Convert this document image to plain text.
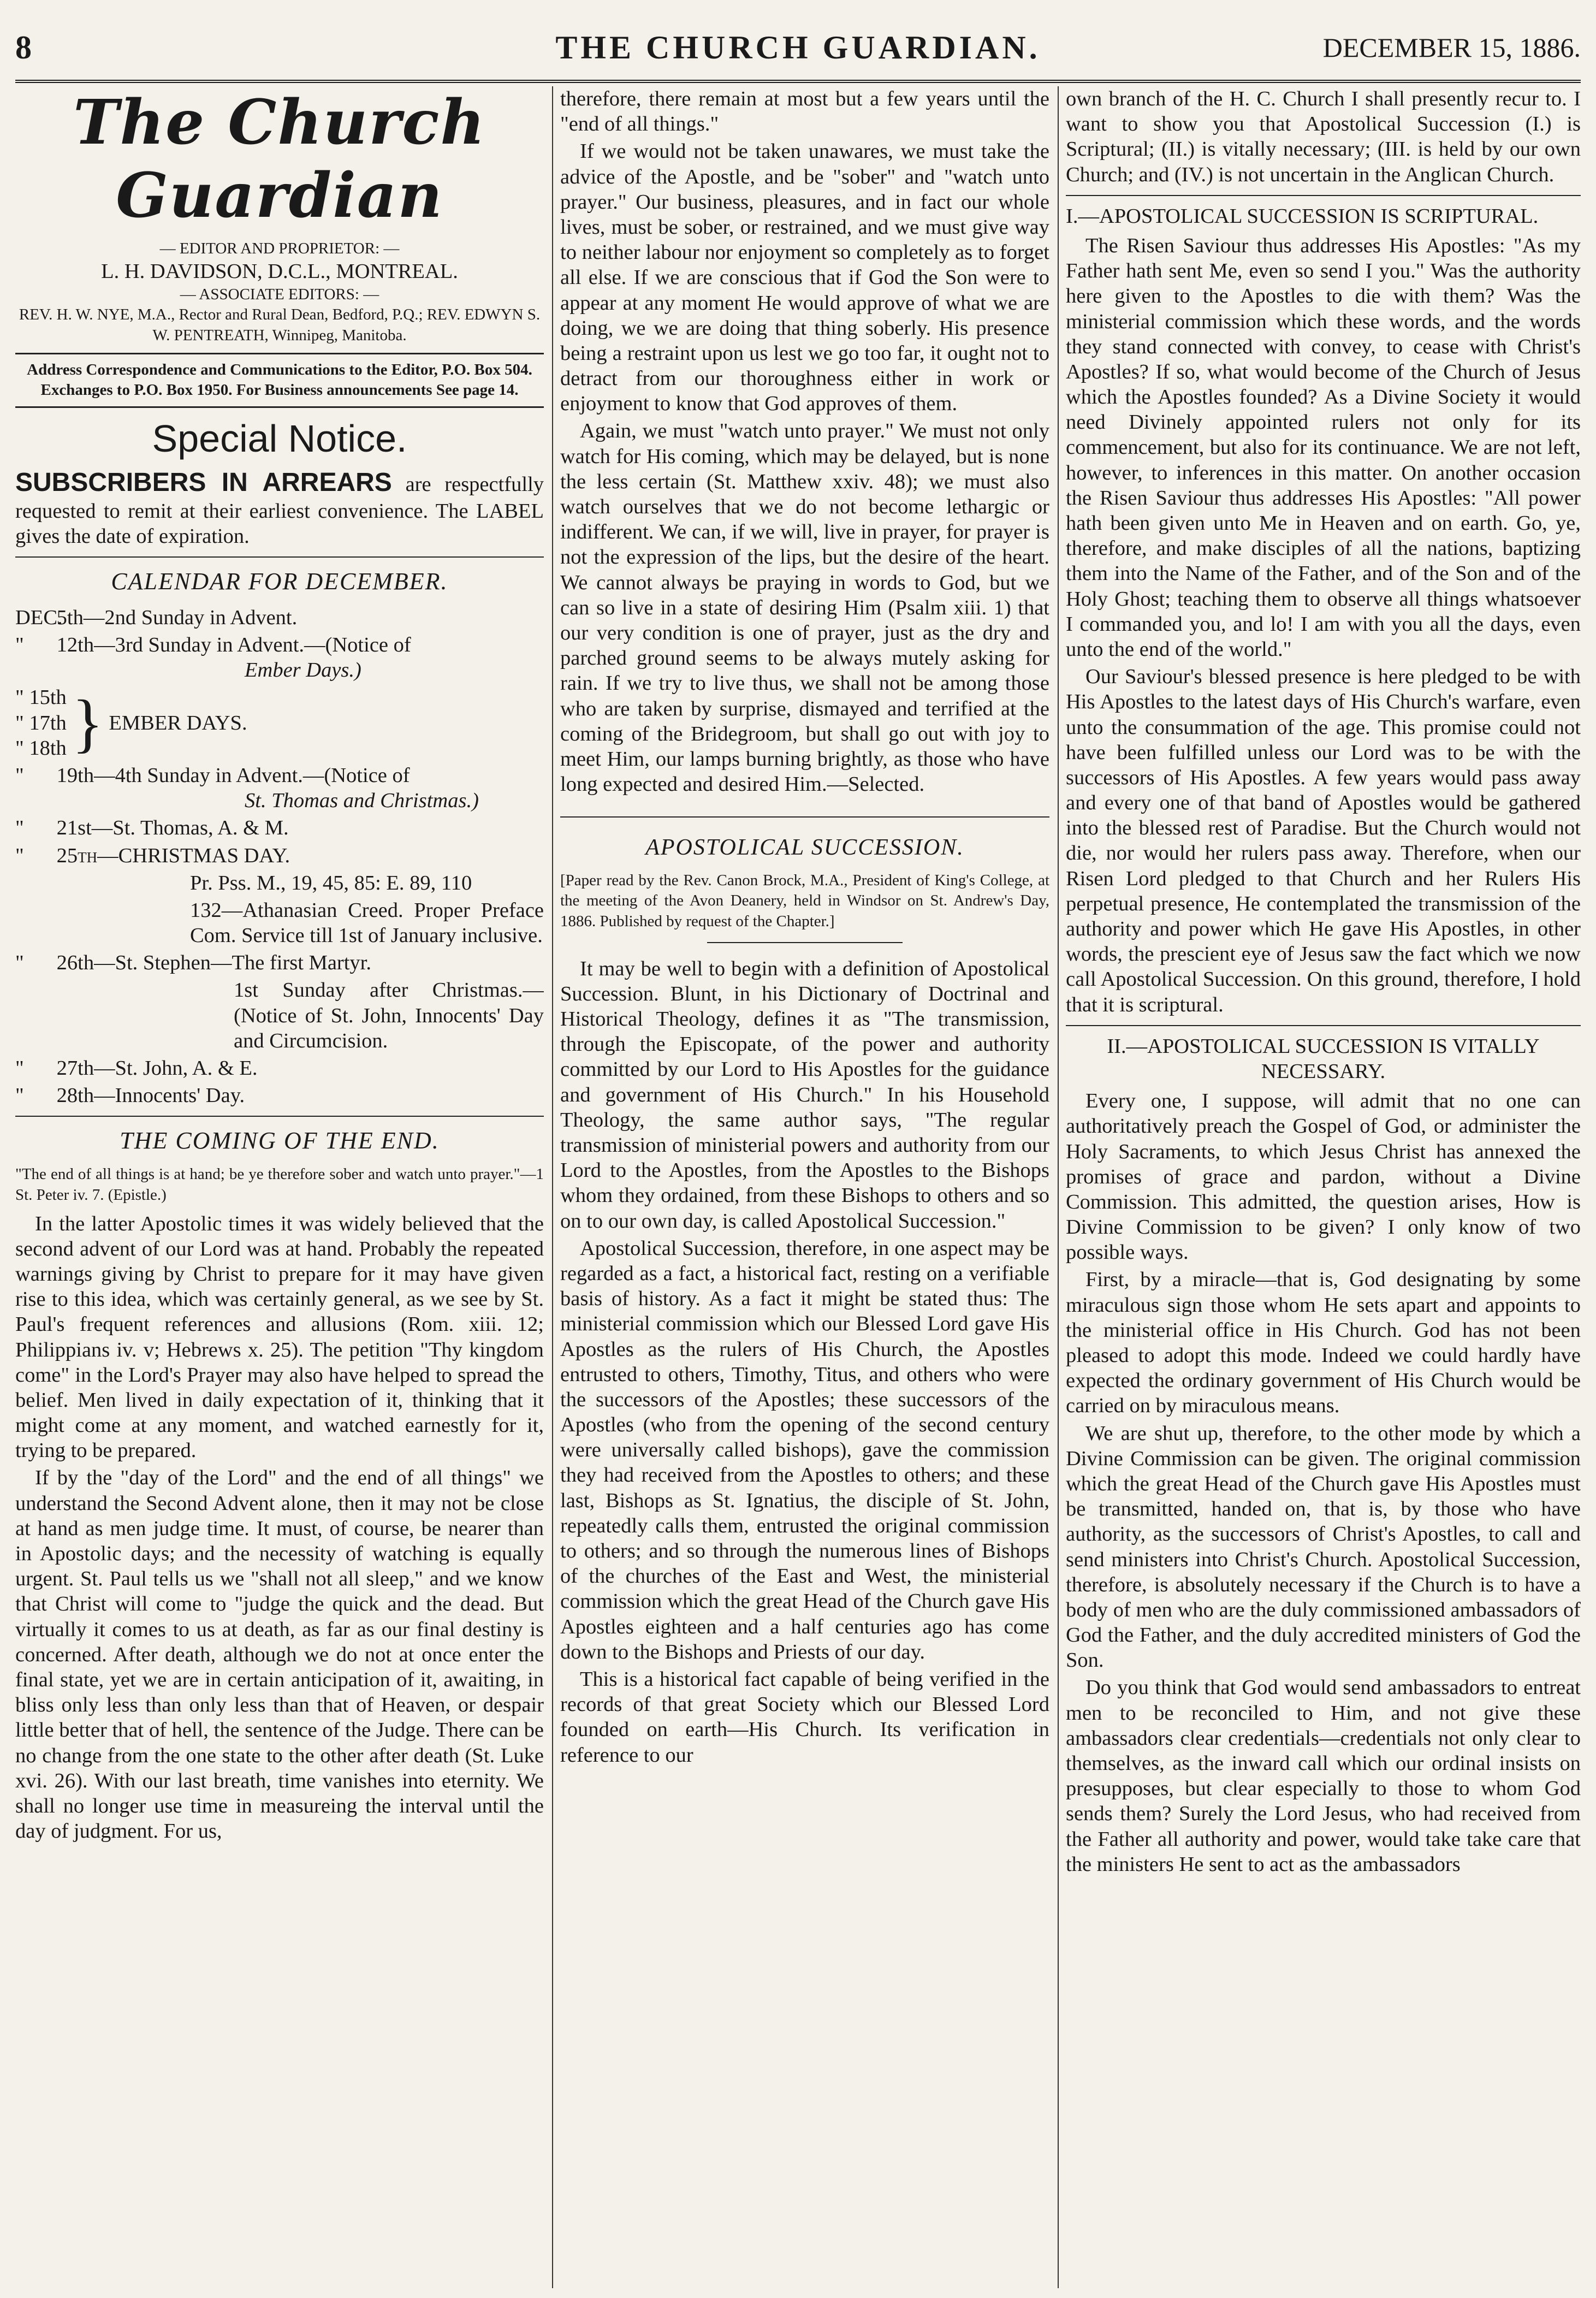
8	THE CHURCH GUARDIAN.	DECEMBER 15, 1886.
The Church Guardian

— EDITOR AND PROPRIETOR: —

L. H. DAVIDSON, D.C.L., MONTREAL.

— ASSOCIATE EDITORS: —

REV. H. W. NYE, M.A., Rector and Rural Dean, Bedford, P.Q.; REV. EDWYN S. W. PENTREATH, Winnipeg, Manitoba.

Address Correspondence and Communications to the Editor, P.O. Box 504. Exchanges to P.O. Box 1950. For Business announcements See page 14.

Special Notice.

SUBSCRIBERS IN ARREARS are respectfully requested to remit at their earliest convenience. The LABEL gives the date of expiration.

CALENDAR FOR DECEMBER.

DEC. 5th—2nd Sunday in Advent.

" 12th—3rd Sunday in Advent.—(Notice of
Ember Days.)

" 15th
" 17th
" 18th } EMBER DAYS.

" 19th—4th Sunday in Advent.—(Notice of
St. Thomas and Christmas.)

" 21st—St. Thomas, A. & M.

" 25th—CHRISTMAS DAY.

Pr. Pss. M., 19, 45, 85: E. 89, 110

132—Athanasian Creed. Proper Preface Com. Service till 1st of January inclusive.

" 26th—St. Stephen—The first Martyr.

1st Sunday after Christmas.—(Notice of St. John, Innocents' Day and Circumcision.

" 27th—St. John, A. & E.

" 28th—Innocents' Day.

THE COMING OF THE END.

"The end of all things is at hand; be ye therefore sober and watch unto prayer."—1 St. Peter iv. 7. (Epistle.)

In the latter Apostolic times it was widely believed that the second advent of our Lord was at hand. Probably the repeated warnings giving by Christ to prepare for it may have given rise to this idea, which was certainly general, as we see by St. Paul's frequent references and allusions (Rom. xiii. 12; Philippians iv. v; Hebrews x. 25). The petition "Thy kingdom come" in the Lord's Prayer may also have helped to spread the belief. Men lived in daily expectation of it, thinking that it might come at any moment, and watched earnestly for it, trying to be prepared.

If by the "day of the Lord" and the end of all things" we understand the Second Advent alone, then it may not be close at hand as men judge time. It must, of course, be nearer than in Apostolic days; and the necessity of watching is equally urgent. St. Paul tells us we "shall not all sleep," and we know that Christ will come to "judge the quick and the dead. But virtually it comes to us at death, as far as our final destiny is concerned. After death, although we do not at once enter the final state, yet we are in certain anticipation of it, awaiting, in bliss only less than only less than that of Heaven, or despair little better that of hell, the sentence of the Judge. There can be no change from the one state to the other after death (St. Luke xvi. 26). With our last breath, time vanishes into eternity. We shall no longer use time in measureing the interval until the day of judgment. For us,

therefore, there remain at most but a few years until the "end of all things."

If we would not be taken unawares, we must take the advice of the Apostle, and be "sober" and "watch unto prayer." Our business, pleasures, and in fact our whole lives, must be sober, or restrained, and we must give way to neither labour nor enjoyment so completely as to forget all else. If we are conscious that if God the Son were to appear at any moment He would approve of what we are doing, we we are doing that thing soberly. His presence being a restraint upon us lest we go too far, it ought not to detract from our thoroughness either in work or enjoyment to know that God approves of them.

Again, we must "watch unto prayer." We must not only watch for His coming, which may be delayed, but is none the less certain (St. Matthew xxiv. 48); we must also watch ourselves that we do not become lethargic or indifferent. We can, if we will, live in prayer, for prayer is not the expression of the lips, but the desire of the heart. We cannot always be praying in words to God, but we can so live in a state of desiring Him (Psalm xiii. 1) that our very condition is one of prayer, just as the dry and parched ground seems to be always mutely asking for rain. If we try to live thus, we shall not be among those who are taken by surprise, dismayed and terrified at the coming of the Bridegroom, but shall go out with joy to meet Him, our lamps burning brightly, as those who have long expected and desired Him.—Selected.

APOSTOLICAL SUCCESSION.

[Paper read by the Rev. Canon Brock, M.A., President of King's College, at the meeting of the Avon Deanery, held in Windsor on St. Andrew's Day, 1886. Published by request of the Chapter.]

It may be well to begin with a definition of Apostolical Succession. Blunt, in his Dictionary of Doctrinal and Historical Theology, defines it as "The transmission, through the Episcopate, of the power and authority committed by our Lord to His Apostles for the guidance and government of His Church." In his Household Theology, the same author says, "The regular transmission of ministerial powers and authority from our Lord to the Apostles, from the Apostles to the Bishops whom they ordained, from these Bishops to others and so on to our own day, is called Apostolical Succession."

Apostolical Succession, therefore, in one aspect may be regarded as a fact, a historical fact, resting on a verifiable basis of history. As a fact it might be stated thus: The ministerial commission which our Blessed Lord gave His Apostles as the rulers of His Church, the Apostles entrusted to others, Timothy, Titus, and others who were the successors of the Apostles; these successors of the Apostles (who from the opening of the second century were universally called bishops), gave the commission they had received from the Apostles to others; and these last, Bishops as St. Ignatius, the disciple of St. John, repeatedly calls them, entrusted the original commission to others; and so through the numerous lines of Bishops of the churches of the East and West, the ministerial commission which the great Head of the Church gave His Apostles eighteen and a half centuries ago has come down to the Bishops and Priests of our day.

This is a historical fact capable of being verified in the records of that great Society which our Blessed Lord founded on earth—His Church. Its verification in reference to our

own branch of the H. C. Church I shall presently recur to. I want to show you that Apostolical Succession (I.) is Scriptural; (II.) is vitally necessary; (III. is held by our own Church; and (IV.) is not uncertain in the Anglican Church.

I.—APOSTOLICAL SUCCESSION IS SCRIPTURAL.

The Risen Saviour thus addresses His Apostles: "As my Father hath sent Me, even so send I you." Was the authority here given to the Apostles to die with them? Was the ministerial commission which these words, and the words they stand connected with convey, to cease with Christ's Apostles? If so, what would become of the Church of Jesus which the Apostles founded? As a Divine Society it would need Divinely appointed rulers not only for its commencement, but also for its continuance. We are not left, however, to inferences in this matter. On another occasion the Risen Saviour thus addresses His Apostles: "All power hath been given unto Me in Heaven and on earth. Go, ye, therefore, and make disciples of all the nations, baptizing them into the Name of the Father, and of the Son and of the Holy Ghost; teaching them to observe all things whatsoever I commanded you, and lo! I am with you all the days, even unto the end of the world."

Our Saviour's blessed presence is here pledged to be with His Apostles to the latest days of His Church's warfare, even unto the consummation of the age. This promise could not have been fulfilled unless our Lord was to be with the successors of His Apostles. A few years would pass away and every one of that band of Apostles would be gathered into the blessed rest of Paradise. But the Church would not die, nor would her rulers pass away. Therefore, when our Risen Lord pledged to that Church and her Rulers His perpetual presence, He contemplated the transmission of the authority and power which He gave His Apostles, in other words, the prescient eye of Jesus saw the fact which we now call Apostolical Succession. On this ground, therefore, I hold that it is scriptural.

II.—APOSTOLICAL SUCCESSION IS VITALLY NECESSARY.

Every one, I suppose, will admit that no one can authoritatively preach the Gospel of God, or administer the Holy Sacraments, to which Jesus Christ has annexed the promises of grace and pardon, without a Divine Commission. This admitted, the question arises, How is Divine Commission to be given? I only know of two possible ways.

First, by a miracle—that is, God designating by some miraculous sign those whom He sets apart and appoints to the ministerial office in His Church. God has not been pleased to adopt this mode. Indeed we could hardly have expected the ordinary government of His Church would be carried on by miraculous means.

We are shut up, therefore, to the other mode by which a Divine Commission can be given. The original commission which the great Head of the Church gave His Apostles must be transmitted, handed on, that is, by those who have authority, as the successors of Christ's Apostles, to call and send ministers into Christ's Church. Apostolical Succession, therefore, is absolutely necessary if the Church is to have a body of men who are the duly commissioned ambassadors of God the Father, and the duly accredited ministers of God the Son.

Do you think that God would send ambassadors to entreat men to be reconciled to Him, and not give these ambassadors clear credentials—credentials not only clear to themselves, as the inward call which our ordinal insists on presupposes, but clear especially to those to whom God sends them? Surely the Lord Jesus, who had received from the Father all authority and power, would take take care that the ministers He sent to act as the ambassadors
